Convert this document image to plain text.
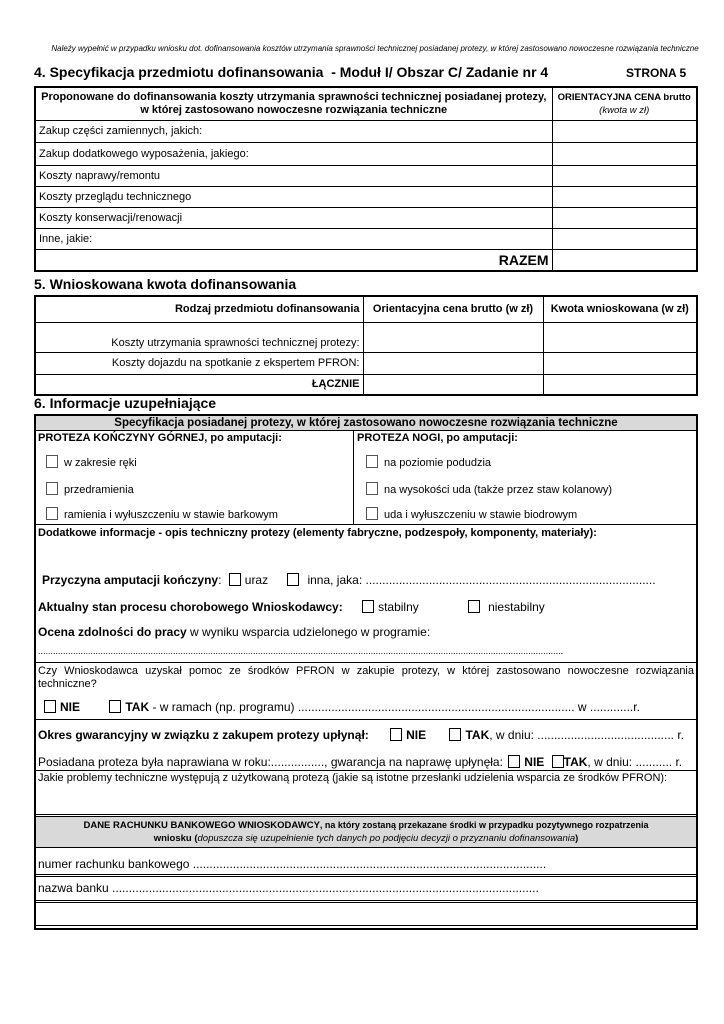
Należy wypełnić w przypadku wniosku dot. dofinansowania kosztów utrzymania sprawności technicznej posiadanej protezy, w której zastosowano nowoczesne rozwiązania techniczne
4. Specyfikacja przedmiotu dofinansowania - Moduł I/ Obszar C/ Zadanie nr 4	STRONA 5
Proponowane do dofinansowania koszty utrzymania sprawności technicznej posiadanej protezy, w której zastosowano nowoczesne rozwiązania techniczne	ORIENTACYJNA CENA brutto
(kwota w zł)

Zakup części zamiennych, jakich:	
Zakup dodatkowego wyposażenia, jakiego:	
Koszty naprawy/remontu	
Koszty przeglądu technicznego	
Koszty konserwacji/renowacji	
Inne, jakie:	
RAZEM	
5. Wnioskowana kwota dofinansowania
Rodzaj przedmiotu dofinansowania	Orientacyjna cena brutto (w zł)	Kwota wnioskowana (w zł)
Koszty utrzymania sprawności technicznej protezy:		
Koszty dojazdu na spotkanie z ekspertem PFRON:		
ŁĄCZNIE		
6. Informacje uzupełniające
Specyfikacja posiadanej protezy, w której zastosowano nowoczesne rozwiązania techniczne
PROTEZA KOŃCZYNY GÓRNEJ, po amputacji:	PROTEZA NOGI, po amputacji:
w zakresie ręki
przedramienia
ramienia i wyłuszczeniu w stawie barkowym
na poziomie podudzia
na wysokości uda (także przez staw kolanowy)
uda i wyłuszczeniu w stawie biodrowym
Dodatkowe informacje - opis techniczny protezy (elementy fabryczne, podzespoły, komponenty, materiały):
Przyczyna amputacji kończyny: uraz	inna, jaka: .......................................................................................
Aktualny stan procesu chorobowego Wnioskodawcy:	stabilny	niestabilny
Ocena zdolności do pracy w wyniku wsparcia udzielonego w programie:
..................................................................................................................................................................................................................
Czy Wnioskodawca uzyskał pomoc ze środków PFRON w zakupie protezy, w której zastosowano nowoczesne rozwiązania techniczne?
NIE	TAK - w ramach (np. programu) ................................................................................... w .............r.
Okres gwarancyjny w związku z zakupem protezy upłynął:	NIE	TAK, w dniu: ......................................... r.
Posiadana proteza była naprawiana w roku:................, gwarancja na naprawę upłynęła: NIE TAK, w dniu: ........... r.
Jakie problemy techniczne występują z użytkowaną protezą (jakie są istotne przesłanki udzielenia wsparcia ze środków PFRON):
DANE RACHUNKU BANKOWEGO WNIOSKODAWCY, na który zostaną przekazane środki w przypadku pozytywnego rozpatrzenia
wniosku (dopuszcza się uzupełnienie tych danych po podjęciu decyzji o przyznaniu dofinansowania)
numer rachunku bankowego ..........................................................................................................
nazwa banku ................................................................................................................................
